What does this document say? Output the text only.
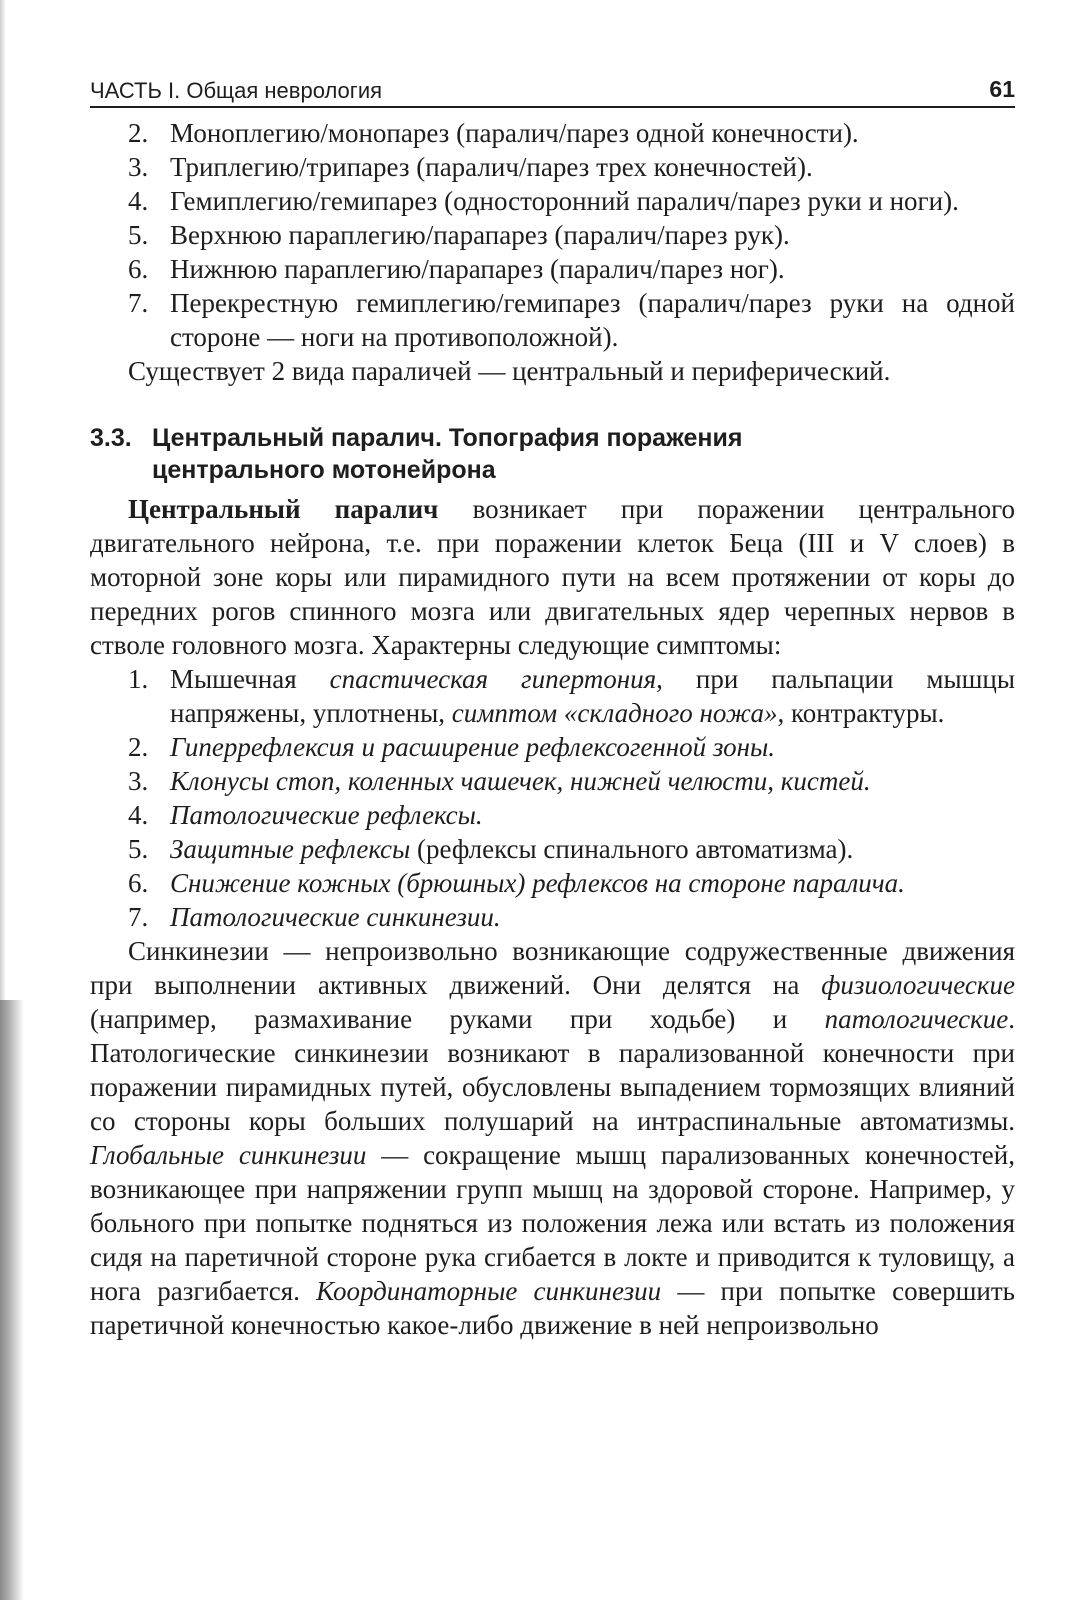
ЧАСТЬ I. Общая неврология	61
2. Моноплегию/монопарез (паралич/парез одной конечности).
3. Триплегию/трипарез (паралич/парез трех конечностей).
4. Гемиплегию/гемипарез (односторонний паралич/парез руки и ноги).
5. Верхнюю параплегию/парапарез (паралич/парез рук).
6. Нижнюю параплегию/парапарез (паралич/парез ног).
7. Перекрестную гемиплегию/гемипарез (паралич/парез руки на одной стороне — ноги на противоположной).

Существует 2 вида параличей — центральный и периферический.

3.3. Центральный паралич. Топография поражения
центрального мотонейрона

Центральный паралич возникает при поражении центрального двигательного нейрона, т.е. при поражении клеток Беца (III и V слоев) в моторной зоне коры или пирамидного пути на всем протяжении от коры до передних рогов спинного мозга или двигательных ядер черепных нервов в стволе головного мозга. Характерны следующие симптомы:

1. Мышечная спастическая гипертония, при пальпации мышцы напряжены, уплотнены, симптом «складного ножа», контрактуры.
2. Гиперрефлексия и расширение рефлексогенной зоны.
3. Клонусы стоп, коленных чашечек, нижней челюсти, кистей.
4. Патологические рефлексы.
5. Защитные рефлексы (рефлексы спинального автоматизма).
6. Снижение кожных (брюшных) рефлексов на стороне паралича.
7. Патологические синкинезии.

Синкинезии — непроизвольно возникающие содружественные движения при выполнении активных движений. Они делятся на физиологические (например, размахивание руками при ходьбе) и патологические. Патологические синкинезии возникают в парализованной конечности при поражении пирамидных путей, обусловлены выпадением тормозящих влияний со стороны коры больших полушарий на интраспинальные автоматизмы. Глобальные синкинезии — сокращение мышц парализованных конечностей, возникающее при напряжении групп мышц на здоровой стороне. Например, у больного при попытке подняться из положения лежа или встать из положения сидя на паретичной стороне рука сгибается в локте и приводится к туловищу, а нога разгибается. Координаторные синкинезии — при попытке совершить паретичной конечностью какое-либо движение в ней непроизвольно
